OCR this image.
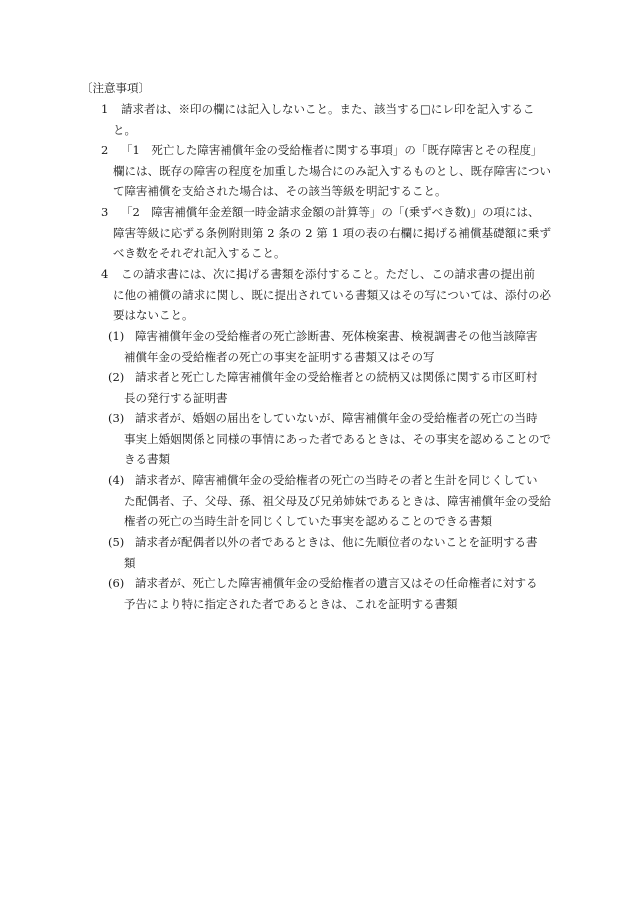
〔注意事項〕
1	請求者は、※印の欄には記入しないこと。また、該当する□にレ印を記入するこ
と。
2	「1　死亡した障害補償年金の受給権者に関する事項」の「既存障害とその程度」
欄には、既存の障害の程度を加重した場合にのみ記入するものとし、既存障害について障害補償を支給された場合は、その該当等級を明記すること。
3	「2　障害補償年金差額一時金請求金額の計算等」の「(乗ずべき数)」の項には、
障害等級に応ずる条例附則第 2 条の 2 第 1 項の表の右欄に掲げる補償基礎額に乗ずべき数をそれぞれ記入すること。
4	この請求書には、次に掲げる書類を添付すること。ただし、この請求書の提出前
に他の補償の請求に関し、既に提出されている書類又はその写については、添付の必要はないこと。
(1) 障害補償年金の受給権者の死亡診断書、死体検案書、検視調書その他当該障害
補償年金の受給権者の死亡の事実を証明する書類又はその写
(2) 請求者と死亡した障害補償年金の受給権者との続柄又は関係に関する市区町村
長の発行する証明書
(3) 請求者が、婚姻の届出をしていないが、障害補償年金の受給権者の死亡の当時
事実上婚姻関係と同様の事情にあった者であるときは、その事実を認めることのできる書類
(4) 請求者が、障害補償年金の受給権者の死亡の当時その者と生計を同じくしてい
た配偶者、子、父母、孫、祖父母及び兄弟姉妹であるときは、障害補償年金の受給権者の死亡の当時生計を同じくしていた事実を認めることのできる書類
(5) 請求者が配偶者以外の者であるときは、他に先順位者のないことを証明する書
類
(6) 請求者が、死亡した障害補償年金の受給権者の遺言又はその任命権者に対する
予告により特に指定された者であるときは、これを証明する書類
